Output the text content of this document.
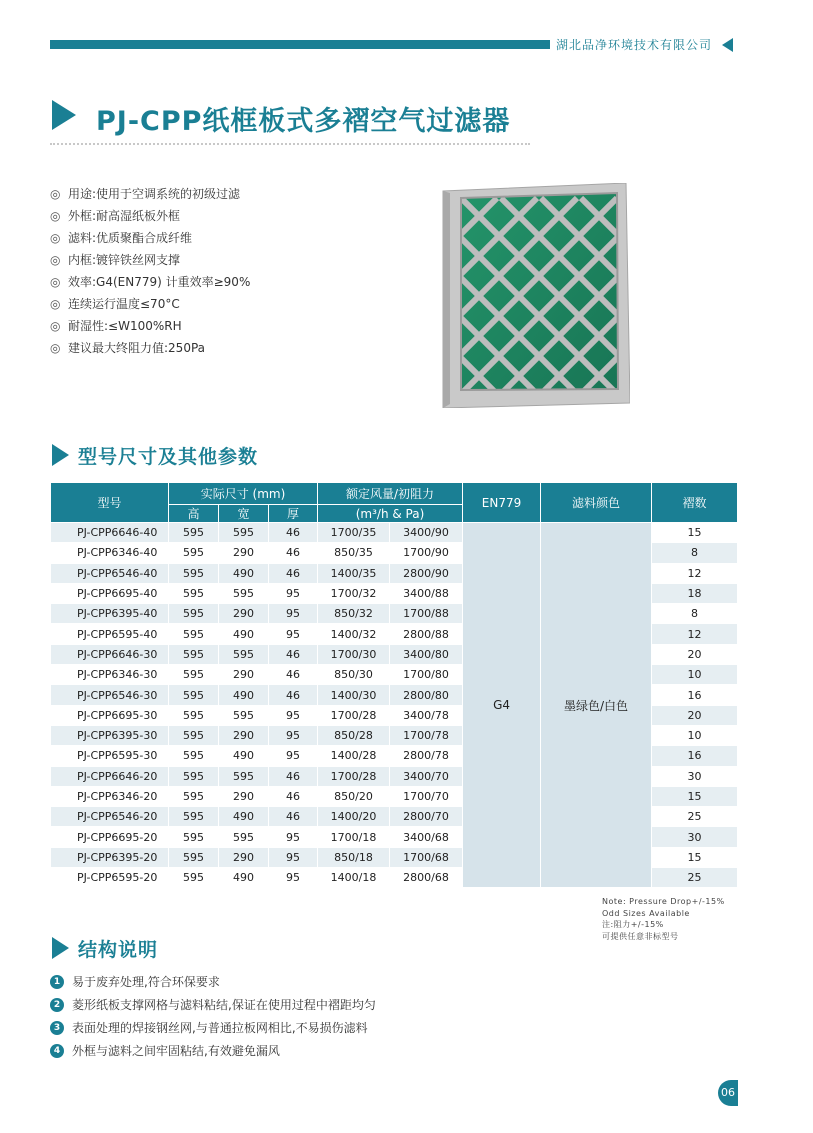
湖北品净环境技术有限公司
PJ-CPP纸框板式多褶空气过滤器
◎ 用途:使用于空调系统的初级过滤
◎ 外框:耐高湿纸板外框
◎ 滤料:优质聚酯合成纤维
◎ 内框:镀锌铁丝网支撑
◎ 效率:G4(EN779) 计重效率≥90%
◎ 连续运行温度≤70°C
◎ 耐湿性:≤W100%RH
◎ 建议最大终阻力值:250Pa
型号尺寸及其他参数
型号	实际尺寸 (mm)			额定风量/初阻力		EN779	滤料颜色	褶数
	高	宽	厚	(m³/h & Pa)				
PJ-CPP6646-40	595	595	46	1700/35	3400/90	G4	墨绿色/白色	15
PJ-CPP6346-40	595	290	46	850/35	1700/90			8
PJ-CPP6546-40	595	490	46	1400/35	2800/90			12
PJ-CPP6695-40	595	595	95	1700/32	3400/88			18
PJ-CPP6395-40	595	290	95	850/32	1700/88			8
PJ-CPP6595-40	595	490	95	1400/32	2800/88			12
PJ-CPP6646-30	595	595	46	1700/30	3400/80			20
PJ-CPP6346-30	595	290	46	850/30	1700/80			10
PJ-CPP6546-30	595	490	46	1400/30	2800/80			16
PJ-CPP6695-30	595	595	95	1700/28	3400/78			20
PJ-CPP6395-30	595	290	95	850/28	1700/78			10
PJ-CPP6595-30	595	490	95	1400/28	2800/78			16
PJ-CPP6646-20	595	595	46	1700/28	3400/70			30
PJ-CPP6346-20	595	290	46	850/20	1700/70			15
PJ-CPP6546-20	595	490	46	1400/20	2800/70			25
PJ-CPP6695-20	595	595	95	1700/18	3400/68			30
PJ-CPP6395-20	595	290	95	850/18	1700/68			15
PJ-CPP6595-20	595	490	95	1400/18	2800/68			25
Note: Pressure Drop+/-15%
Odd Sizes Available
注:阻力+/-15%
可提供任意非标型号
结构说明
1 易于废弃处理,符合环保要求
2 菱形纸板支撑网格与滤料粘结,保证在使用过程中褶距均匀
3 表面处理的焊接钢丝网,与普通拉板网相比,不易损伤滤料
4 外框与滤料之间牢固粘结,有效避免漏风
06
